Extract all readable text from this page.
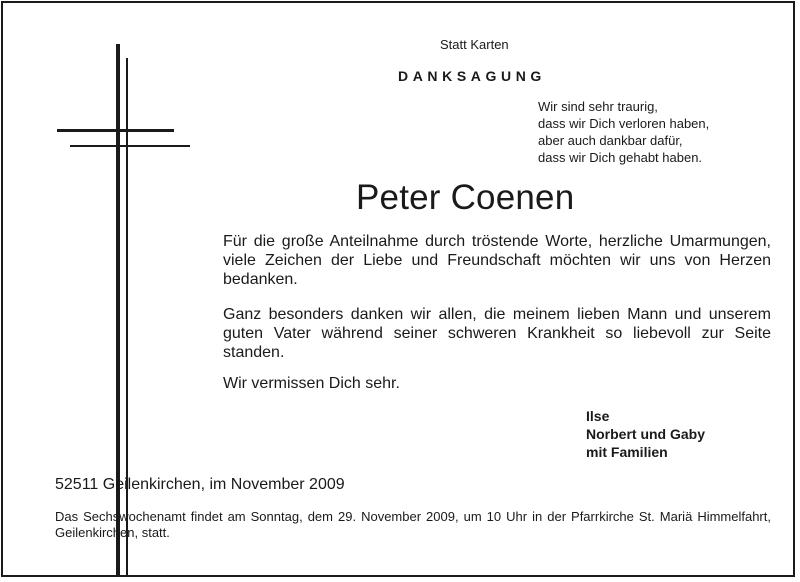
Statt Karten
DANKSAGUNG
Wir sind sehr traurig,
dass wir Dich verloren haben,
aber auch dankbar dafür,
dass wir Dich gehabt haben.
Peter Coenen
Für die große Anteilnahme durch tröstende Worte, herzliche Umarmungen, viele Zeichen der Liebe und Freundschaft möchten wir uns von Herzen bedanken.
Ganz besonders danken wir allen, die meinem lieben Mann und unserem guten Vater während seiner schweren Krankheit so liebevoll zur Seite standen.
Wir vermissen Dich sehr.
Ilse
Norbert und Gaby
mit Familien
52511 Geilenkirchen, im November 2009
Das Sechswochenamt findet am Sonntag, dem 29. November 2009, um 10 Uhr in der Pfarrkirche St. Mariä Himmelfahrt, Geilenkirchen, statt.
